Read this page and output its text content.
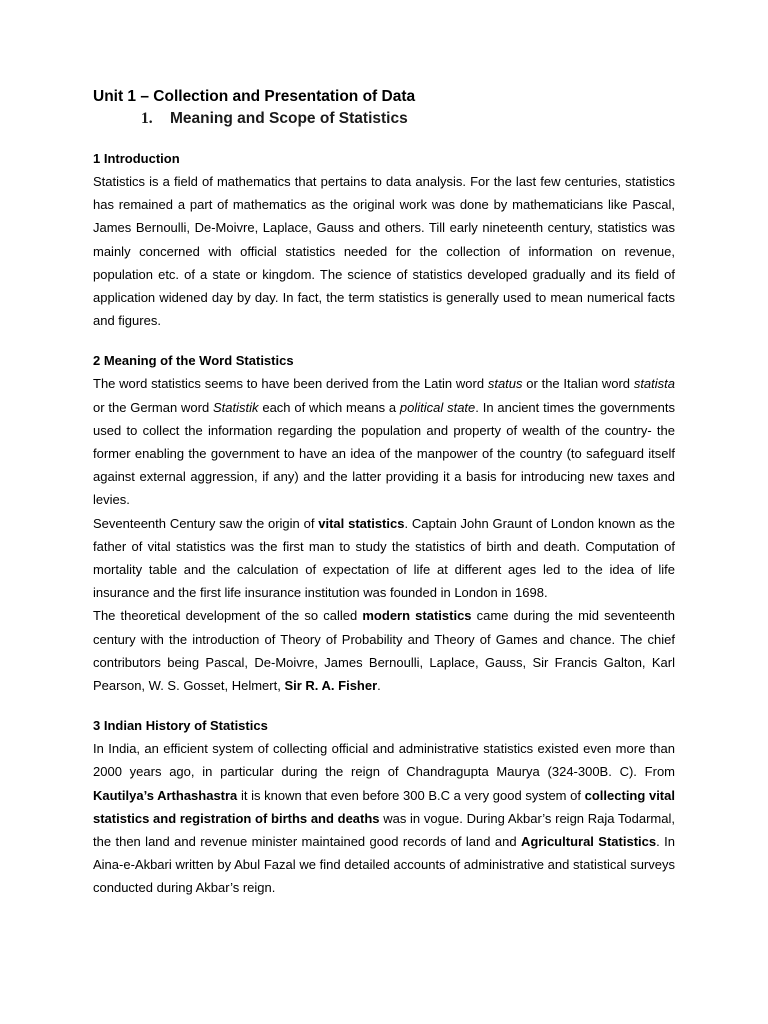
Unit 1 – Collection and Presentation of Data
1. Meaning and Scope of Statistics
1 Introduction

Statistics is a field of mathematics that pertains to data analysis. For the last few centuries, statistics has remained a part of mathematics as the original work was done by mathematicians like Pascal, James Bernoulli, De-Moivre, Laplace, Gauss and others. Till early nineteenth century, statistics was mainly concerned with official statistics needed for the collection of information on revenue, population etc. of a state or kingdom. The science of statistics developed gradually and its field of application widened day by day. In fact, the term statistics is generally used to mean numerical facts and figures.

2 Meaning of the Word Statistics

The word statistics seems to have been derived from the Latin word status or the Italian word statista or the German word Statistik each of which means a political state. In ancient times the governments used to collect the information regarding the population and property of wealth of the country- the former enabling the government to have an idea of the manpower of the country (to safeguard itself against external aggression, if any) and the latter providing it a basis for introducing new taxes and levies.

Seventeenth Century saw the origin of vital statistics. Captain John Graunt of London known as the father of vital statistics was the first man to study the statistics of birth and death. Computation of mortality table and the calculation of expectation of life at different ages led to the idea of life insurance and the first life insurance institution was founded in London in 1698.

The theoretical development of the so called modern statistics came during the mid seventeenth century with the introduction of Theory of Probability and Theory of Games and chance. The chief contributors being Pascal, De-Moivre, James Bernoulli, Laplace, Gauss, Sir Francis Galton, Karl Pearson, W. S. Gosset, Helmert, Sir R. A. Fisher.

3 Indian History of Statistics

In India, an efficient system of collecting official and administrative statistics existed even more than 2000 years ago, in particular during the reign of Chandragupta Maurya (324-300B. C). From Kautilya’s Arthashastra it is known that even before 300 B.C a very good system of collecting vital statistics and registration of births and deaths was in vogue. During Akbar’s reign Raja Todarmal, the then land and revenue minister maintained good records of land and Agricultural Statistics. In Aina-e-Akbari written by Abul Fazal we find detailed accounts of administrative and statistical surveys conducted during Akbar’s reign.
